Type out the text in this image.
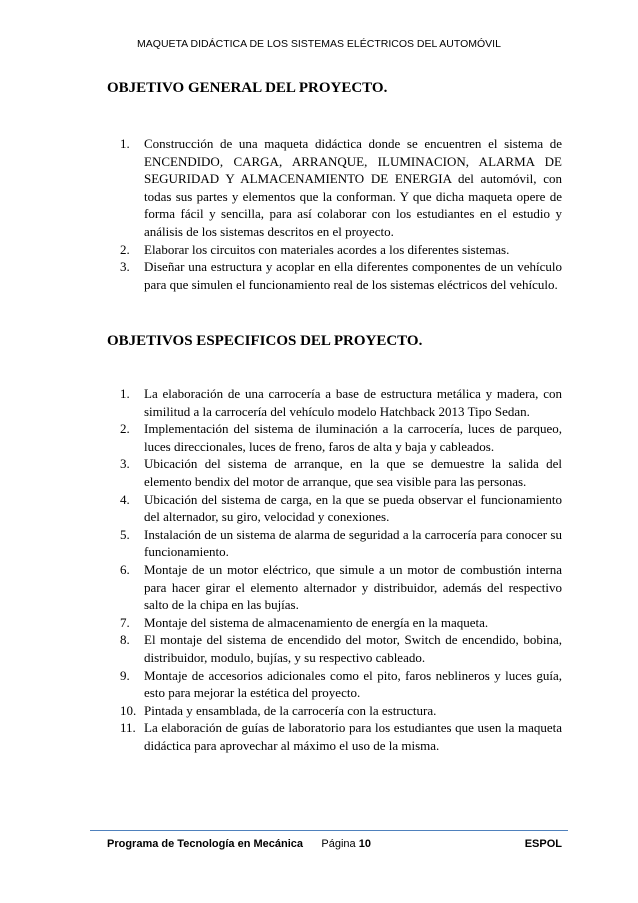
MAQUETA DIDÁCTICA DE LOS SISTEMAS ELÉCTRICOS DEL AUTOMÓVIL
OBJETIVO GENERAL DEL PROYECTO.
1. Construcción de una maqueta didáctica donde se encuentren el sistema de ENCENDIDO, CARGA, ARRANQUE, ILUMINACION, ALARMA DE SEGURIDAD Y ALMACENAMIENTO DE ENERGIA del automóvil, con todas sus partes y elementos que la conforman. Y que dicha maqueta opere de forma fácil y sencilla, para así colaborar con los estudiantes en el estudio y análisis de los sistemas descritos en el proyecto.
2. Elaborar los circuitos con materiales acordes a los diferentes sistemas.
3. Diseñar una estructura y acoplar en ella diferentes componentes de un vehículo para que simulen el funcionamiento real de los sistemas eléctricos del vehículo.
OBJETIVOS ESPECIFICOS DEL PROYECTO.
1. La elaboración de una carrocería a base de estructura metálica y madera, con similitud a la carrocería del vehículo modelo Hatchback 2013 Tipo Sedan.
2. Implementación del sistema de iluminación a la carrocería, luces de parqueo, luces direccionales, luces de freno, faros de alta y baja y cableados.
3. Ubicación del sistema de arranque, en la que se demuestre la salida del elemento bendix del motor de arranque, que sea visible para las personas.
4. Ubicación del sistema de carga, en la que se pueda observar el funcionamiento del alternador, su giro, velocidad y conexiones.
5. Instalación de un sistema de alarma de seguridad a la carrocería para conocer su funcionamiento.
6. Montaje de un motor eléctrico, que simule a un motor de combustión interna para hacer girar el elemento alternador y distribuidor, además del respectivo salto de la chipa en las bujías.
7. Montaje del sistema de almacenamiento de energía en la maqueta.
8. El montaje del sistema de encendido del motor, Switch de encendido, bobina, distribuidor, modulo, bujías, y su respectivo cableado.
9. Montaje de accesorios adicionales como el pito, faros neblineros y luces guía, esto para mejorar la estética del proyecto.
10. Pintada y ensamblada, de la carrocería con la estructura.
11. La elaboración de guías de laboratorio para los estudiantes que usen la maqueta didáctica para aprovechar al máximo el uso de la misma.
Programa de Tecnología en Mecánica Página 10	ESPOL
